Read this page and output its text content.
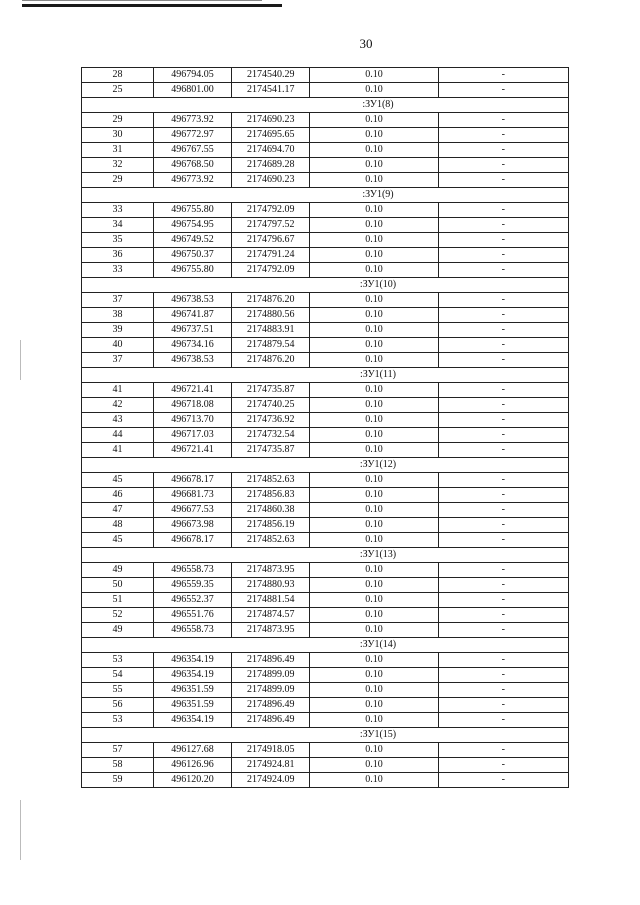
30
28	496794.05	2174540.29	0.10	-
25	496801.00	2174541.17	0.10	-
:ЗУ1(8)				
29	496773.92	2174690.23	0.10	-
30	496772.97	2174695.65	0.10	-
31	496767.55	2174694.70	0.10	-
32	496768.50	2174689.28	0.10	-
29	496773.92	2174690.23	0.10	-
:ЗУ1(9)				
33	496755.80	2174792.09	0.10	-
34	496754.95	2174797.52	0.10	-
35	496749.52	2174796.67	0.10	-
36	496750.37	2174791.24	0.10	-
33	496755.80	2174792.09	0.10	-
:ЗУ1(10)				
37	496738.53	2174876.20	0.10	-
38	496741.87	2174880.56	0.10	-
39	496737.51	2174883.91	0.10	-
40	496734.16	2174879.54	0.10	-
37	496738.53	2174876.20	0.10	-
:ЗУ1(11)				
41	496721.41	2174735.87	0.10	-
42	496718.08	2174740.25	0.10	-
43	496713.70	2174736.92	0.10	-
44	496717.03	2174732.54	0.10	-
41	496721.41	2174735.87	0.10	-
:ЗУ1(12)				
45	496678.17	2174852.63	0.10	-
46	496681.73	2174856.83	0.10	-
47	496677.53	2174860.38	0.10	-
48	496673.98	2174856.19	0.10	-
45	496678.17	2174852.63	0.10	-
:ЗУ1(13)				
49	496558.73	2174873.95	0.10	-
50	496559.35	2174880.93	0.10	-
51	496552.37	2174881.54	0.10	-
52	496551.76	2174874.57	0.10	-
49	496558.73	2174873.95	0.10	-
:ЗУ1(14)				
53	496354.19	2174896.49	0.10	-
54	496354.19	2174899.09	0.10	-
55	496351.59	2174899.09	0.10	-
56	496351.59	2174896.49	0.10	-
53	496354.19	2174896.49	0.10	-
:ЗУ1(15)				
57	496127.68	2174918.05	0.10	-
58	496126.96	2174924.81	0.10	-
59	496120.20	2174924.09	0.10	-
